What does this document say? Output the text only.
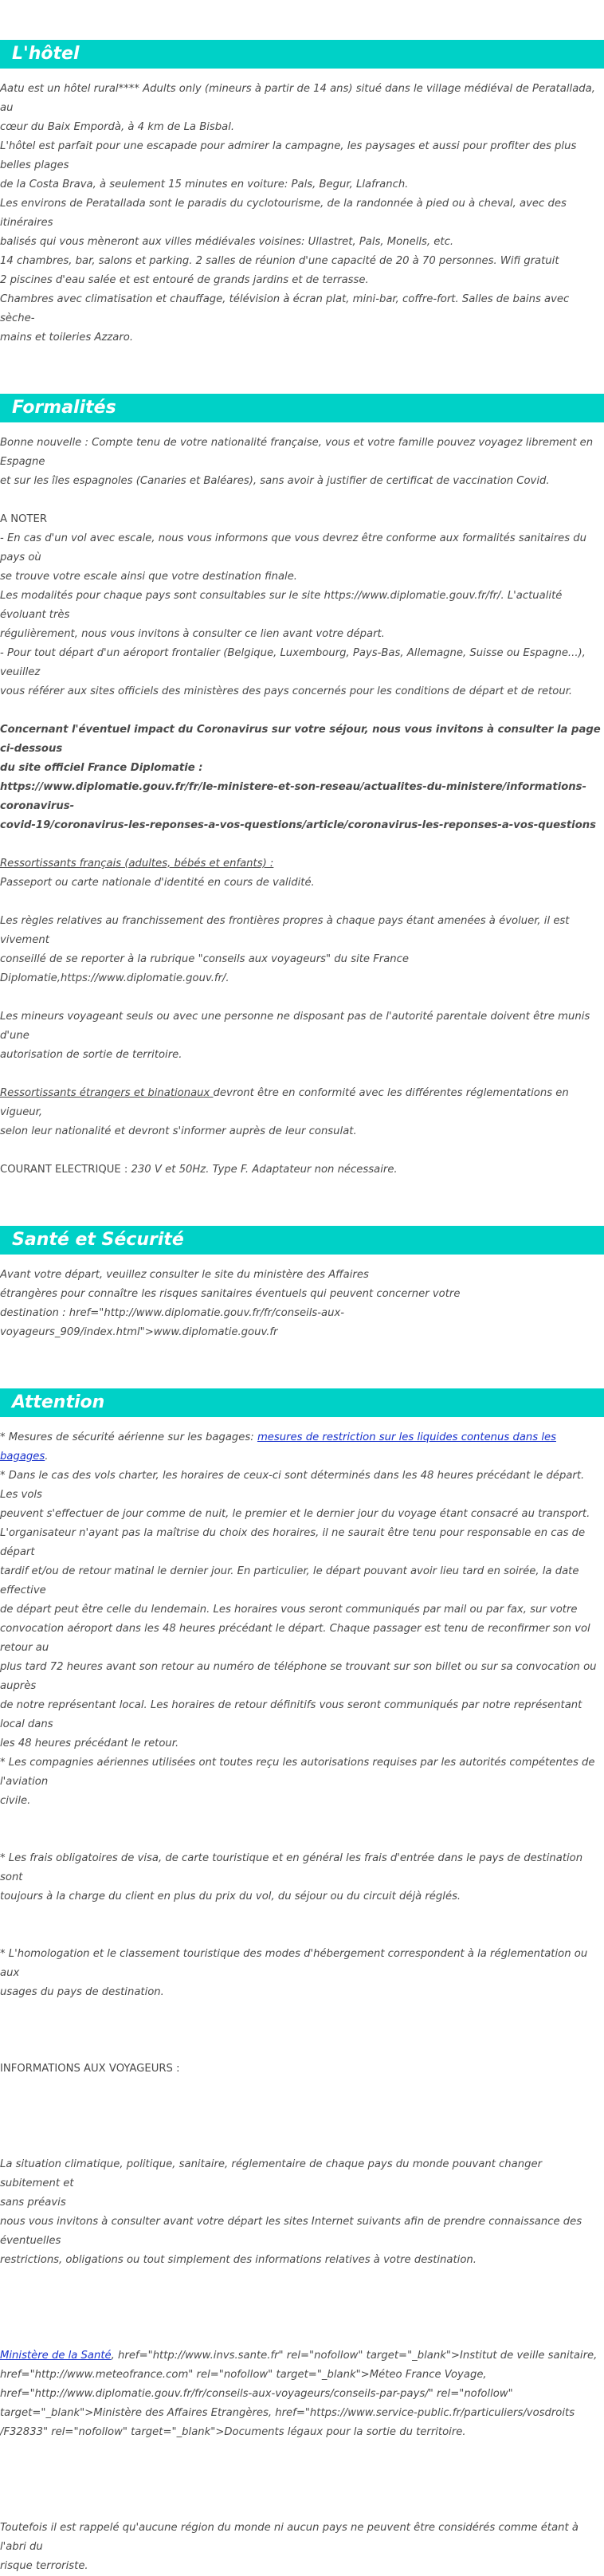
L'hôtel

Aatu est un hôtel rural**** Adults only (mineurs à partir de 14 ans) situé dans le village médiéval de Peratallada, au

cœur du Baix Empordà, à 4 km de La Bisbal.

L'hôtel est parfait pour une escapade pour admirer la campagne, les paysages et aussi pour profiter des plus belles plages

de la Costa Brava, à seulement 15 minutes en voiture: Pals, Begur, Llafranch.

Les environs de Peratallada sont le paradis du cyclotourisme, de la randonnée à pied ou à cheval, avec des itinéraires

balisés qui vous mèneront aux villes médiévales voisines: Ullastret, Pals, Monells, etc.

14 chambres, bar, salons et parking. 2 salles de réunion d'une capacité de 20 à 70 personnes. Wifi gratuit

2 piscines d'eau salée et est entouré de grands jardins et de terrasse.

Chambres avec climatisation et chauffage, télévision à écran plat, mini-bar, coffre-fort. Salles de bains avec sèche-

mains et toileries Azzaro.

Formalités

Bonne nouvelle : Compte tenu de votre nationalité française, vous et votre famille pouvez voyagez librement en Espagne

et sur les îles espagnoles (Canaries et Baléares), sans avoir à justifier de certificat de vaccination Covid.

A NOTER

- En cas d'un vol avec escale, nous vous informons que vous devrez être conforme aux formalités sanitaires du pays où

se trouve votre escale ainsi que votre destination finale.

Les modalités pour chaque pays sont consultables sur le site https://www.diplomatie.gouv.fr/fr/. L'actualité évoluant très

régulièrement, nous vous invitons à consulter ce lien avant votre départ.

- Pour tout départ d'un aéroport frontalier (Belgique, Luxembourg, Pays-Bas, Allemagne, Suisse ou Espagne...), veuillez

vous référer aux sites officiels des ministères des pays concernés pour les conditions de départ et de retour.

Concernant l'éventuel impact du Coronavirus sur votre séjour, nous vous invitons à consulter la page ci-dessous

du site officiel France Diplomatie :

https://www.diplomatie.gouv.fr/fr/le-ministere-et-son-reseau/actualites-du-ministere/informations-coronavirus-

covid-19/coronavirus-les-reponses-a-vos-questions/article/coronavirus-les-reponses-a-vos-questions

Ressortissants français (adultes, bébés et enfants) :

Passeport ou carte nationale d'identité en cours de validité.

Les règles relatives au franchissement des frontières propres à chaque pays étant amenées à évoluer, il est vivement

conseillé de se reporter à la rubrique "conseils aux voyageurs" du site France

Diplomatie,https://www.diplomatie.gouv.fr/.

Les mineurs voyageant seuls ou avec une personne ne disposant pas de l'autorité parentale doivent être munis d'une

autorisation de sortie de territoire.

Ressortissants étrangers et binationaux devront être en conformité avec les différentes réglementations en vigueur,

selon leur nationalité et devront s'informer auprès de leur consulat.

COURANT ELECTRIQUE : 230 V et 50Hz. Type F. Adaptateur non nécessaire.

Santé et Sécurité

Avant votre départ, veuillez consulter le site du ministère des Affaires

étrangères pour connaître les risques sanitaires éventuels qui peuvent concerner votre

destination : href="http://www.diplomatie.gouv.fr/fr/conseils-aux-voyageurs_909/index.html">www.diplomatie.gouv.fr

Attention

* Mesures de sécurité aérienne sur les bagages: mesures de restriction sur les liquides contenus dans les bagages.

* Dans le cas des vols charter, les horaires de ceux-ci sont déterminés dans les 48 heures précédant le départ. Les vols

peuvent s'effectuer de jour comme de nuit, le premier et le dernier jour du voyage étant consacré au transport.

L'organisateur n'ayant pas la maîtrise du choix des horaires, il ne saurait être tenu pour responsable en cas de départ

tardif et/ou de retour matinal le dernier jour. En particulier, le départ pouvant avoir lieu tard en soirée, la date effective

de départ peut être celle du lendemain. Les horaires vous seront communiqués par mail ou par fax, sur votre

convocation aéroport dans les 48 heures précédant le départ. Chaque passager est tenu de reconfirmer son vol retour au

plus tard 72 heures avant son retour au numéro de téléphone se trouvant sur son billet ou sur sa convocation ou auprès

de notre représentant local. Les horaires de retour définitifs vous seront communiqués par notre représentant local dans

les 48 heures précédant le retour.

* Les compagnies aériennes utilisées ont toutes reçu les autorisations requises par les autorités compétentes de l'aviation

civile.

* Les frais obligatoires de visa, de carte touristique et en général les frais d'entrée dans le pays de destination sont

toujours à la charge du client en plus du prix du vol, du séjour ou du circuit déjà réglés.

* L'homologation et le classement touristique des modes d'hébergement correspondent à la réglementation ou aux

usages du pays de destination.

INFORMATIONS AUX VOYAGEURS :

La situation climatique, politique, sanitaire, réglementaire de chaque pays du monde pouvant changer subitement et

sans préavis

nous vous invitons à consulter avant votre départ les sites Internet suivants afin de prendre connaissance des éventuelles

restrictions, obligations ou tout simplement des informations relatives à votre destination.

Ministère de la Santé, href="http://www.invs.sante.fr" rel="nofollow" target="_blank">Institut de veille sanitaire,

href="http://www.meteofrance.com" rel="nofollow" target="_blank">Méteo France Voyage,

href="http://www.diplomatie.gouv.fr/fr/conseils-aux-voyageurs/conseils-par-pays/" rel="nofollow"

target="_blank">Ministère des Affaires Etrangères, href="https://www.service-public.fr/particuliers/vosdroits

/F32833" rel="nofollow" target="_blank">Documents légaux pour la sortie du territoire.

Toutefois il est rappelé qu'aucune région du monde ni aucun pays ne peuvent être considérés comme étant à l'abri du

risque terroriste.
